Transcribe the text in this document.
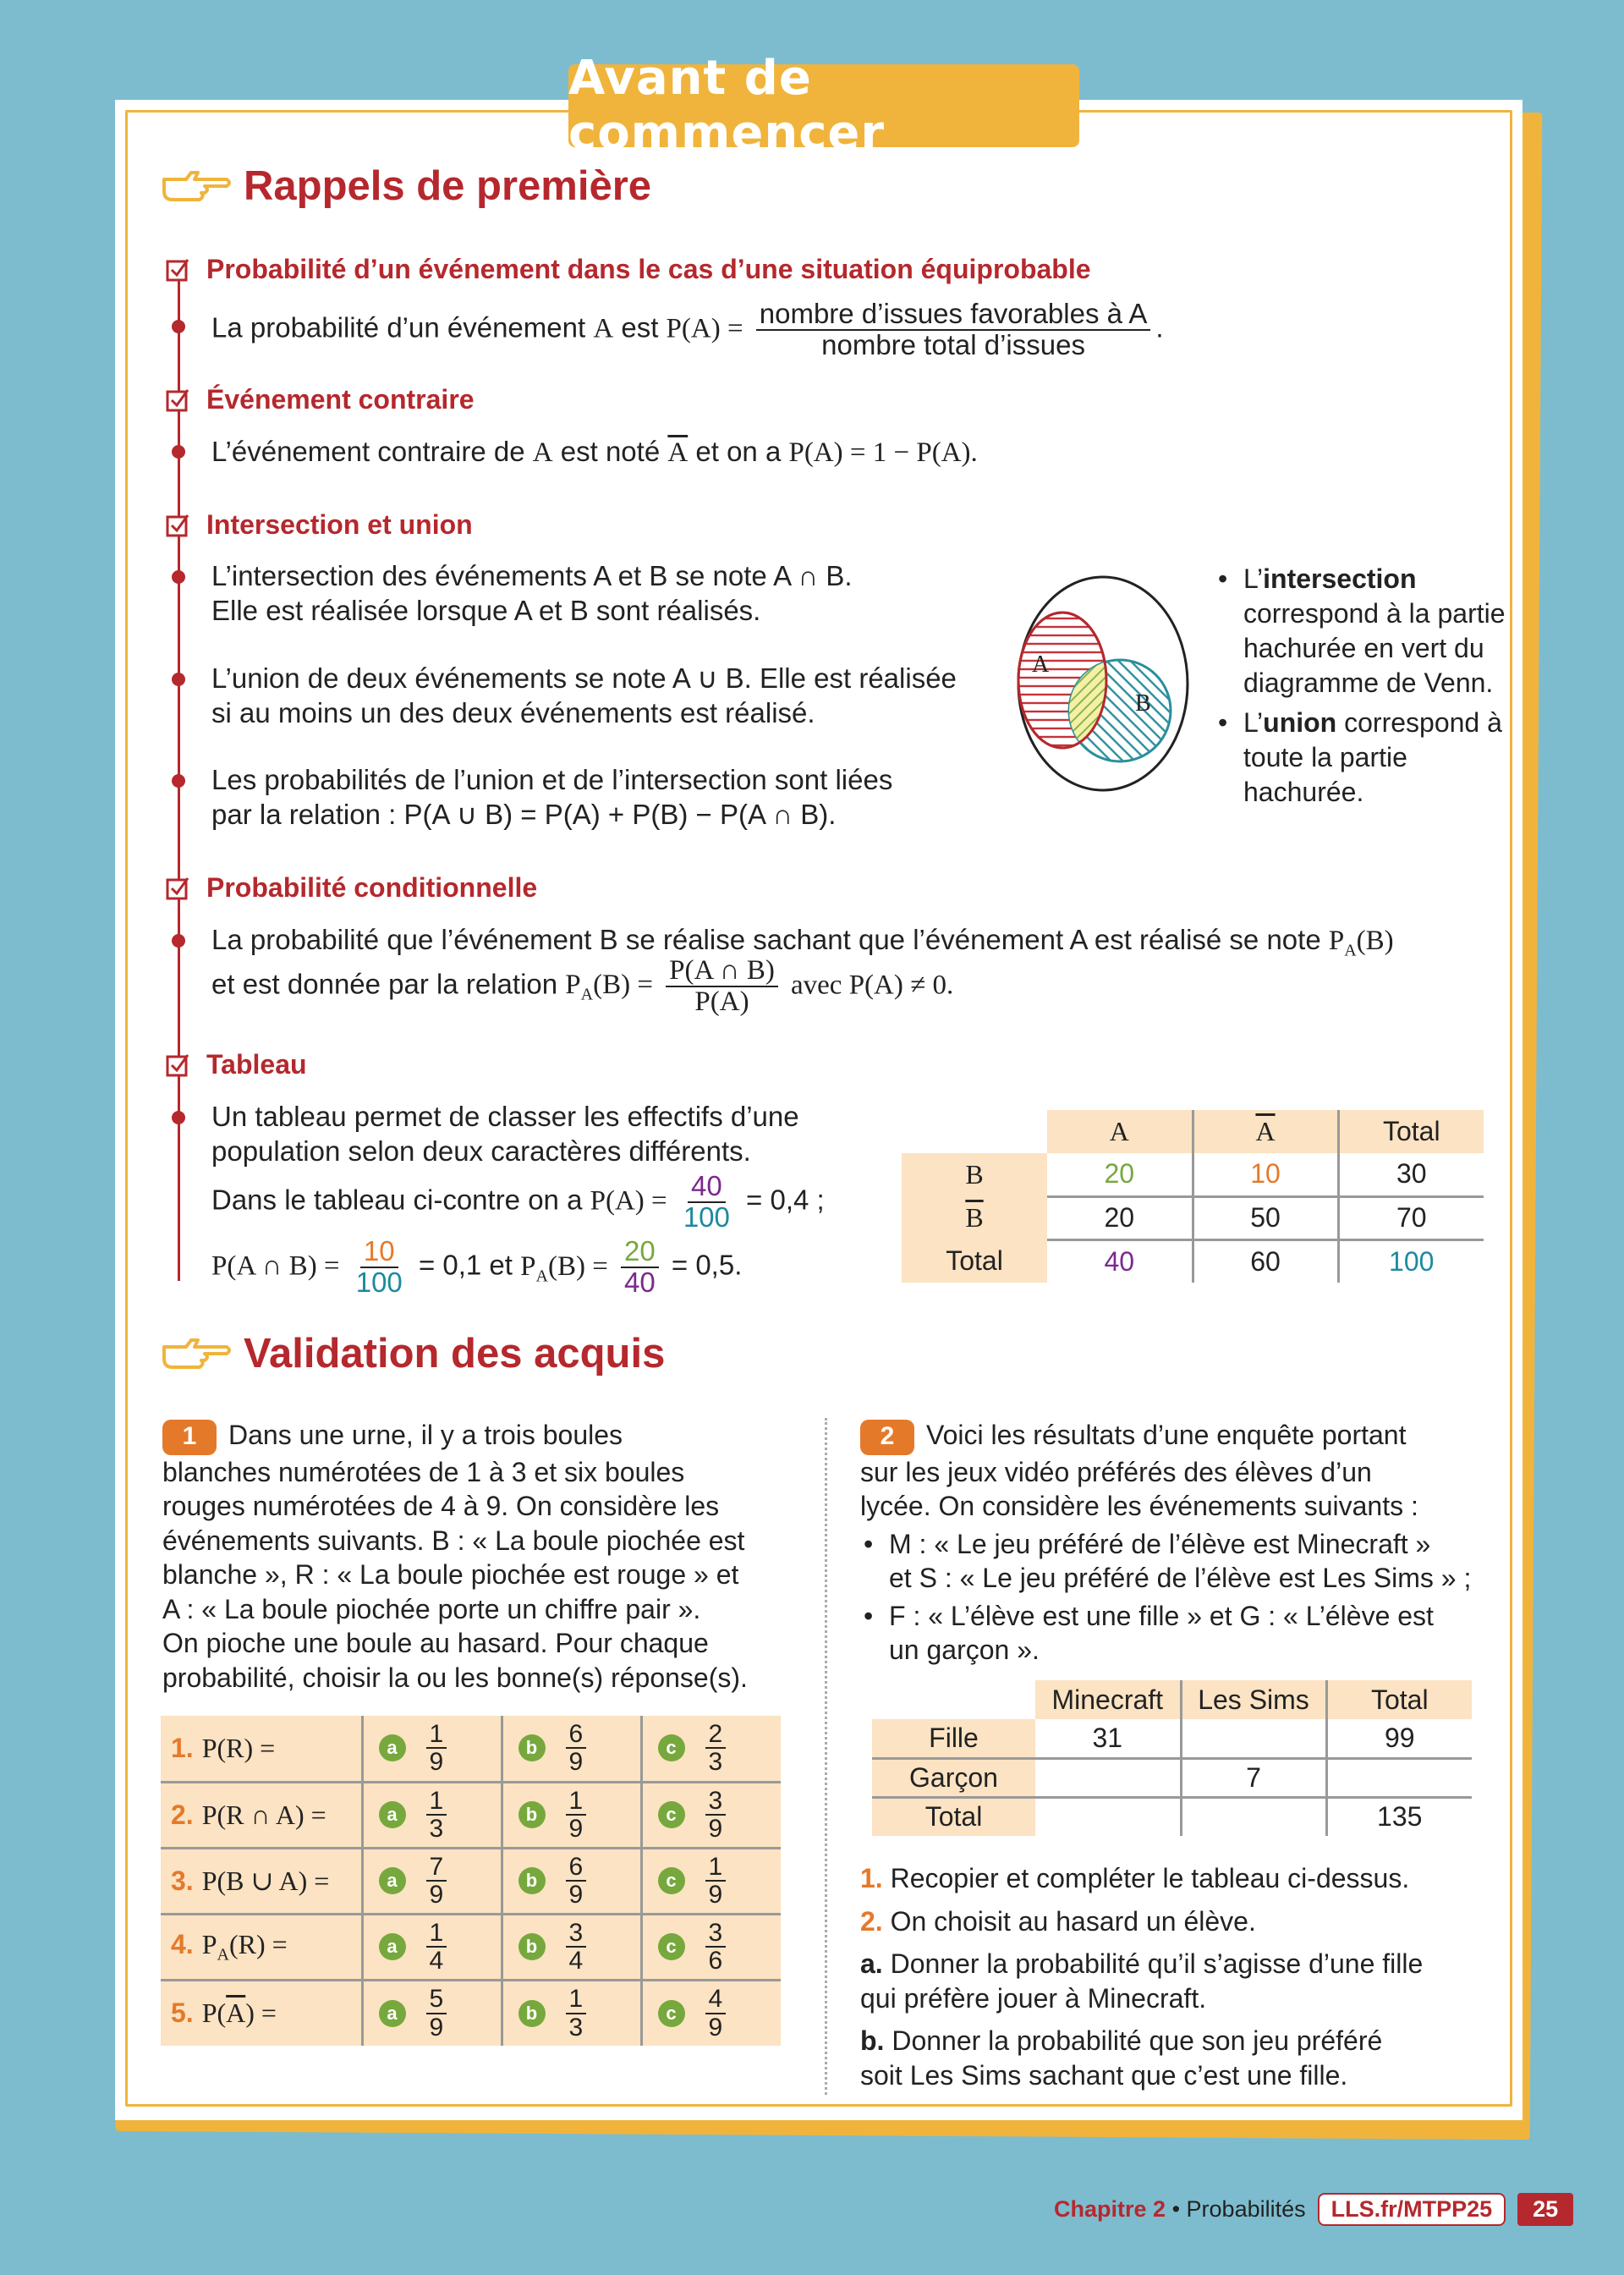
Avant de commencer
Rappels de première
Probabilité d’un événement dans le cas d’une situation équiprobable
La probabilité d’un événement A est $P(A) = \frac{\text{nombre d’issues favorables à A}}{\text{nombre total d’issues}}$ .
Événement contraire
L’événement contraire de A est noté $\overline{A}$ et on a P(A) = 1 − P(A).
Intersection et union
L’intersection des événements A et B se note A ∩ B.
Elle est réalisée lorsque A et B sont réalisés.
L’union de deux événements se note A ∪ B. Elle est réalisée
si au moins un des deux événements est réalisé.
Les probabilités de l’union et de l’intersection sont liées
par la relation : P(A ∪ B) = P(A) + P(B) − P(A ∩ B).
A
B
• L’intersection correspond à la partie hachurée en vert du diagramme de Venn.
• L’union correspond à toute la partie hachurée.
Probabilité conditionnelle
La probabilité que l’événement B se réalise sachant que l’événement A est réalisé se note $P_A(B)$
et est donnée par la relation $P_A(B) = \frac{P(A \cap B)}{P(A)}$ avec P(A) ≠ 0.
Tableau
Un tableau permet de classer les effectifs d’une
population selon deux caractères différents.
Dans le tableau ci-contre on a $P(A) = \frac{40}{100} = 0,4$ ;
P(A ∩ $B) = \frac{10}{100} = 0,1$ et $P_A(B) = \frac{20}{40} = 0,5$.
	A	$\overline{A}$	Total
B	20	10	30
$\overline{B}$	20	50	70
Total	40	60	100
Validation des acquis
1 Dans une urne, il y a trois boules
blanches numérotées de 1 à 3 et six boules
rouges numérotées de 4 à 9. On considère les
événements suivants. B : « La boule piochée est
blanche », R : « La boule piochée est rouge » et
A : « La boule piochée porte un chiffre pair ».
On pioche une boule au hasard. Pour chaque
probabilité, choisir la ou les bonne(s) réponse(s).
1. P(R) =	a $\frac{1}{9}$	b $\frac{6}{9}$	c $\frac{2}{3}$

2. P(R ∩ A) =	a $\frac{1}{3}$	b $\frac{1}{9}$	c $\frac{3}{9}$

3. P(B ∪ A) =	a $\frac{7}{9}$	b $\frac{6}{9}$	c $\frac{1}{9}$

4. $P_A(R)$ =	a $\frac{1}{4}$	b $\frac{3}{4}$	c $\frac{3}{6}$

5. $P(\overline{A})$ =	a $\frac{5}{9}$	b $\frac{1}{3}$	c $\frac{4}{9}$
2 Voici les résultats d’une enquête portant
sur les jeux vidéo préférés des élèves d’un
lycée. On considère les événements suivants :
• M : « Le jeu préféré de l’élève est Minecraft »
et S : « Le jeu préféré de l’élève est Les Sims » ;
• F : « L’élève est une fille » et G : « L’élève est
un garçon ».
	Minecraft	Les Sims	Total
Fille	31		99
Garçon		7	
Total			135
1. Recopier et compléter le tableau ci-dessus.
2. On choisit au hasard un élève.
a. Donner la probabilité qu’il s’agisse d’une fille
qui préfère jouer à Minecraft.
b. Donner la probabilité que son jeu préféré
soit Les Sims sachant que c’est une fille.
Chapitre 2 • Probabilités	LLS.fr/MTPP25	25
